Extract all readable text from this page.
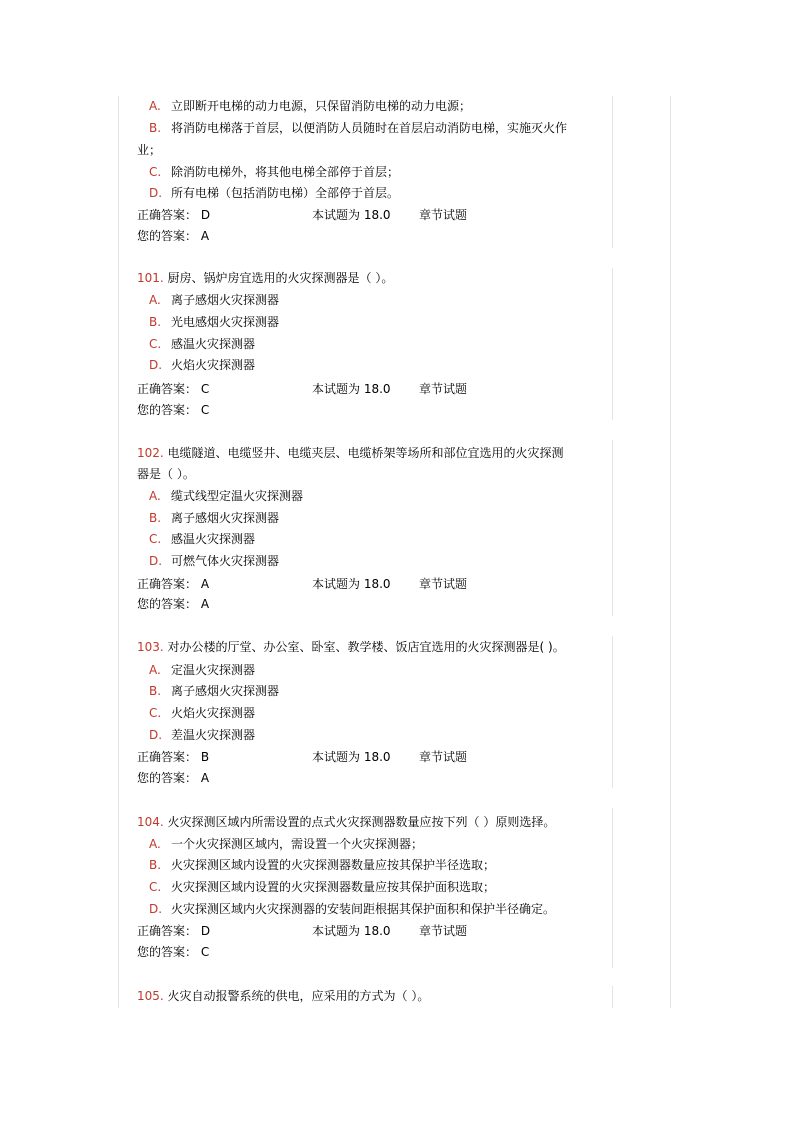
A. 立即断开电梯的动力电源，只保留消防电梯的动力电源；
B. 将消防电梯落于首层，以便消防人员随时在首层启动消防电梯，实施灭火作
业；
C. 除消防电梯外，将其他电梯全部停于首层；
D. 所有电梯（包括消防电梯）全部停于首层。
正确答案： D	本试题为 18.0 章节试题
您的答案： A
101. 厨房、锅炉房宜选用的火灾探测器是（ ）。
A. 离子感烟火灾探测器
B. 光电感烟火灾探测器
C. 感温火灾探测器
D. 火焰火灾探测器
正确答案： C	本试题为 18.0 章节试题
您的答案： C
102. 电缆隧道、电缆竖井、电缆夹层、电缆桥架等场所和部位宜选用的火灾探测
器是（ ）。
A. 缆式线型定温火灾探测器
B. 离子感烟火灾探测器
C. 感温火灾探测器
D. 可燃气体火灾探测器
正确答案： A	本试题为 18.0 章节试题
您的答案： A
103. 对办公楼的厅堂、办公室、卧室、教学楼、饭店宜选用的火灾探测器是( )。
A. 定温火灾探测器
B. 离子感烟火灾探测器
C. 火焰火灾探测器
D. 差温火灾探测器
正确答案： B	本试题为 18.0 章节试题
您的答案： A
104. 火灾探测区域内所需设置的点式火灾探测器数量应按下列（ ）原则选择。
A. 一个火灾探测区域内，需设置一个火灾探测器；
B. 火灾探测区域内设置的火灾探测器数量应按其保护半径选取；
C. 火灾探测区域内设置的火灾探测器数量应按其保护面积选取；
D. 火灾探测区域内火灾探测器的安装间距根据其保护面积和保护半径确定。
正确答案： D	本试题为 18.0 章节试题
您的答案： C
105. 火灾自动报警系统的供电，应采用的方式为（ ）。
